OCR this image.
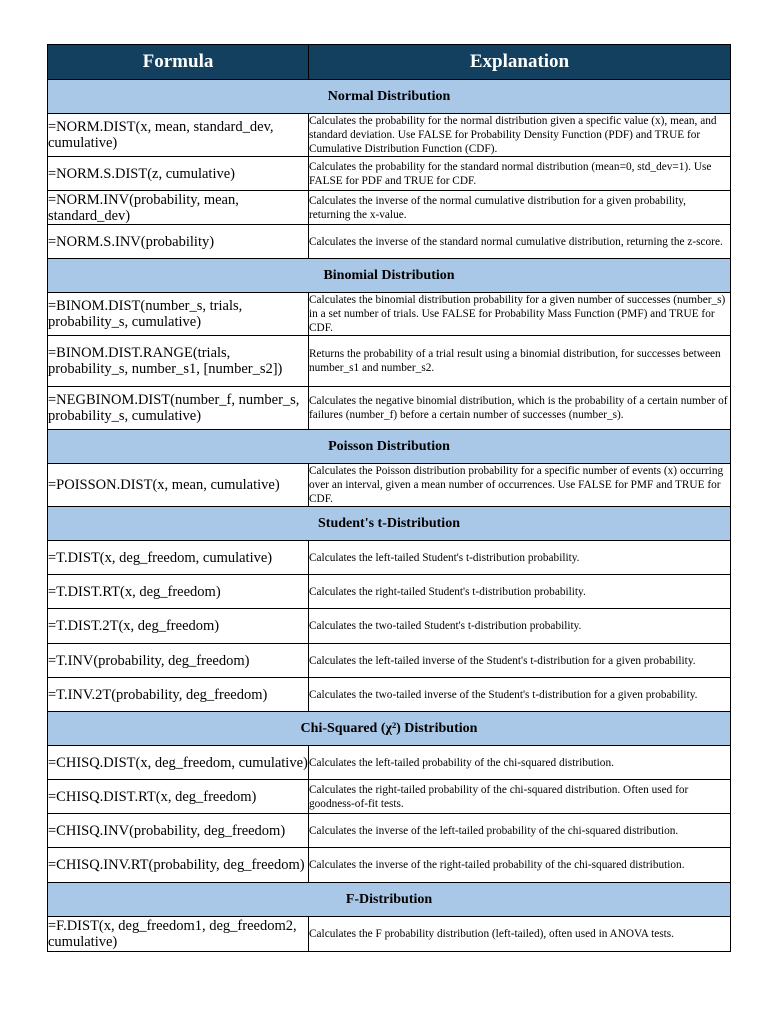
Formula	Explanation
Normal Distribution	
=NORM.DIST(x, mean, standard_dev, cumulative)	Calculates the probability for the normal distribution given a specific value (x), mean, and standard deviation. Use FALSE for Probability Density Function (PDF) and TRUE for Cumulative Distribution Function (CDF).
=NORM.S.DIST(z, cumulative)	Calculates the probability for the standard normal distribution (mean=0, std_dev=1). Use FALSE for PDF and TRUE for CDF.
=NORM.INV(probability, mean, standard_dev)	Calculates the inverse of the normal cumulative distribution for a given probability, returning the x-value.
=NORM.S.INV(probability)	Calculates the inverse of the standard normal cumulative distribution, returning the z-score.
Binomial Distribution	
=BINOM.DIST(number_s, trials, probability_s, cumulative)	Calculates the binomial distribution probability for a given number of successes (number_s) in a set number of trials. Use FALSE for Probability Mass Function (PMF) and TRUE for CDF.
=BINOM.DIST.RANGE(trials, probability_s, number_s1, [number_s2])	Returns the probability of a trial result using a binomial distribution, for successes between number_s1 and number_s2.
=NEGBINOM.DIST(number_f, number_s, probability_s, cumulative)	Calculates the negative binomial distribution, which is the probability of a certain number of failures (number_f) before a certain number of successes (number_s).
Poisson Distribution	
=POISSON.DIST(x, mean, cumulative)	Calculates the Poisson distribution probability for a specific number of events (x) occurring over an interval, given a mean number of occurrences. Use FALSE for PMF and TRUE for CDF.
Student's t-Distribution	
=T.DIST(x, deg_freedom, cumulative)	Calculates the left-tailed Student's t-distribution probability.
=T.DIST.RT(x, deg_freedom)	Calculates the right-tailed Student's t-distribution probability.
=T.DIST.2T(x, deg_freedom)	Calculates the two-tailed Student's t-distribution probability.
=T.INV(probability, deg_freedom)	Calculates the left-tailed inverse of the Student's t-distribution for a given probability.
=T.INV.2T(probability, deg_freedom)	Calculates the two-tailed inverse of the Student's t-distribution for a given probability.
Chi-Squared (χ²) Distribution	
=CHISQ.DIST(x, deg_freedom, cumulative)	Calculates the left-tailed probability of the chi-squared distribution.
=CHISQ.DIST.RT(x, deg_freedom)	Calculates the right-tailed probability of the chi-squared distribution. Often used for goodness-of-fit tests.
=CHISQ.INV(probability, deg_freedom)	Calculates the inverse of the left-tailed probability of the chi-squared distribution.
=CHISQ.INV.RT(probability, deg_freedom)	Calculates the inverse of the right-tailed probability of the chi-squared distribution.
F-Distribution	
=F.DIST(x, deg_freedom1, deg_freedom2, cumulative)	Calculates the F probability distribution (left-tailed), often used in ANOVA tests.
